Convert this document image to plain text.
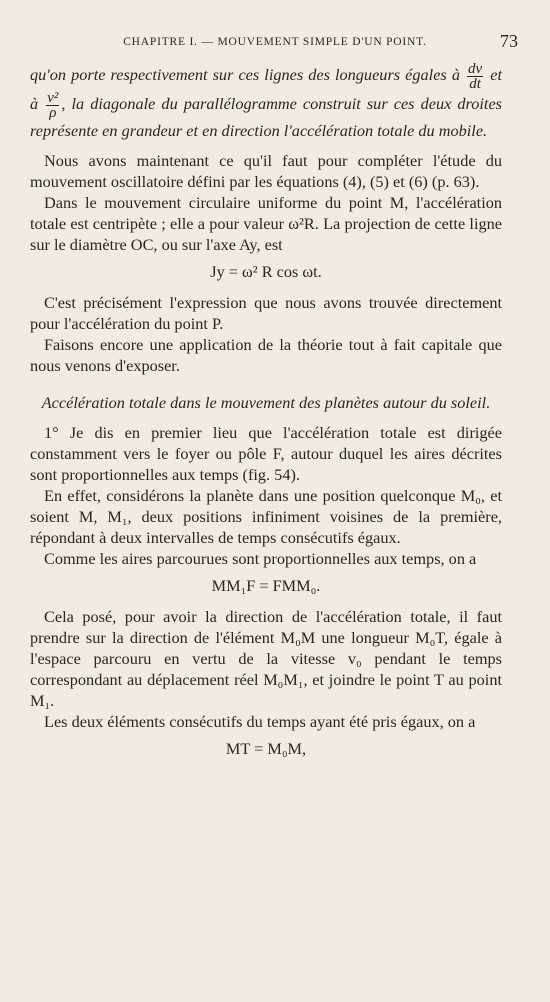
CHAPITRE I. — MOUVEMENT SIMPLE D'UN POINT.	73

qu'on porte respectivement sur ces lignes des longueurs égales à $\frac{dv}{dt}$ et à $\frac{\text{v²}}{\rho}$ , la diagonale du parallélogramme construit sur ces deux droites représente en grandeur et en direction l'accélération totale du mobile.

Nous avons maintenant ce qu'il faut pour compléter l'étude du mouvement oscillatoire défini par les équations (4), (5) et (6) (p. 63).

Dans le mouvement circulaire uniforme du point M, l'accélération totale est centripète ; elle a pour valeur ω²R. La projection de cette ligne sur le diamètre OC, ou sur l'axe Ay, est

Jy = ω² R cos ωt.

C'est précisément l'expression que nous avons trouvée directement pour l'accélération du point P.

Faisons encore une application de la théorie tout à fait capitale que nous venons d'exposer.

Accélération totale dans le mouvement des planètes autour du soleil.

1° Je dis en premier lieu que l'accélération totale est dirigée constamment vers le foyer ou pôle F, autour duquel les aires décrites sont proportionnelles aux temps (fig. 54).

En effet, considérons la planète dans une position quelconque M₀, et soient M, M₁, deux positions infiniment voisines de la première, répondant à deux intervalles de temps consécutifs égaux.

Comme les aires parcourues sont proportionnelles aux temps, on a

MM₁F = FMM₀.

Cela posé, pour avoir la direction de l'accélération totale, il faut prendre sur la direction de l'élément M₀M une longueur M₀T, égale à l'espace parcouru en vertu de la vitesse v₀ pendant le temps correspondant au déplacement réel M₀M₁, et joindre le point T au point M₁.

Les deux éléments consécutifs du temps ayant été pris égaux, on a

MT = M₀M,
